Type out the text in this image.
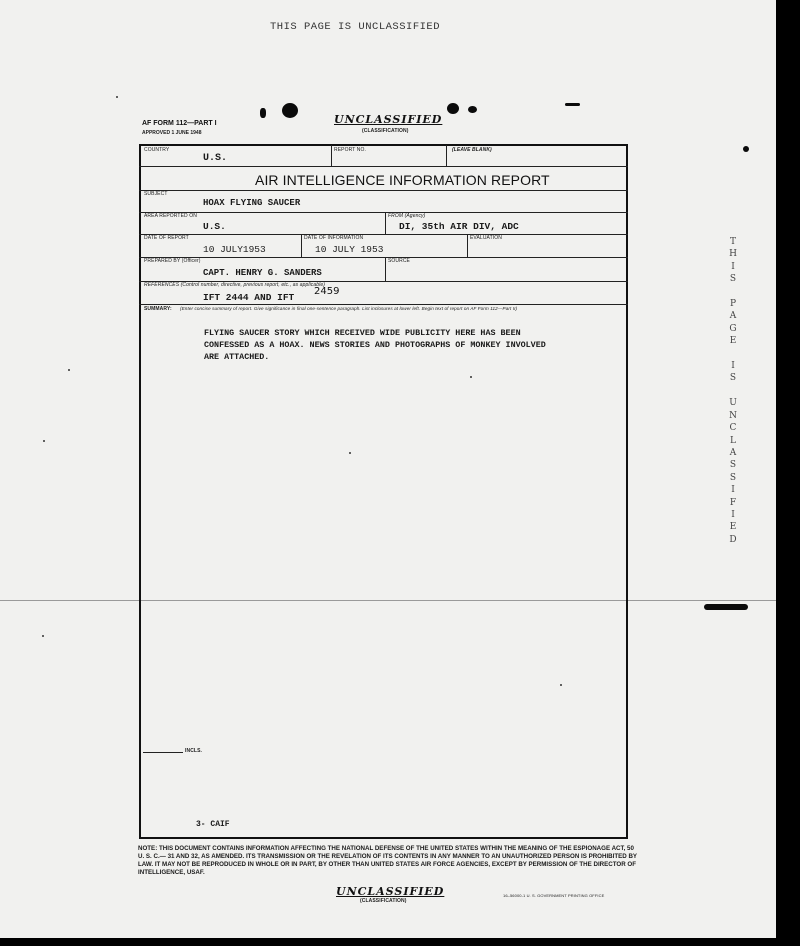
THIS PAGE IS UNCLASSIFIED
AF FORM 112—PART I
APPROVED 1 JUNE 1948
UNCLASSIFIED
(CLASSIFICATION)
COUNTRY
U.S.
REPORT NO.	(LEAVE BLANK)
AIR INTELLIGENCE INFORMATION REPORT
SUBJECT
HOAX FLYING SAUCER
AREA REPORTED ON
U.S.
FROM (Agency)
DI, 35th AIR DIV, ADC
DATE OF REPORT
10 JULY1953
DATE OF INFORMATION
10 JULY 1953
EVALUATION
PREPARED BY (Officer)	SOURCE
CAPT. HENRY G. SANDERS
REFERENCES (Control number, directive, previous report, etc., as applicable)
IFT 2444 AND IFT
2459
SUMMARY: (Enter concise summary of report. Give significance in final one-sentence paragraph. List inclosures at lower left. Begin text of report on AF Form 112—Part II)
FLYING SAUCER STORY WHICH RECEIVED WIDE PUBLICITY HERE HAS BEEN
CONFESSED AS A HOAX. NEWS STORIES AND PHOTOGRAPHS OF MONKEY INVOLVED
ARE ATTACHED.
INCLS.
3- CAIF
T
H
I
S

P
A
G
E

I
S

U
N
C
L
A
S
S
I
F
I
E
D
NOTE: THIS DOCUMENT CONTAINS INFORMATION AFFECTING THE NATIONAL DEFENSE OF THE UNITED STATES WITHIN THE MEANING OF THE ESPIONAGE ACT, 50 U. S. C.— 31 AND 32, AS AMENDED. ITS TRANSMISSION OR THE REVELATION OF ITS CONTENTS IN ANY MANNER TO AN UNAUTHORIZED PERSON IS PROHIBITED BY LAW. IT MAY NOT BE REPRODUCED IN WHOLE OR IN PART, BY OTHER THAN UNITED STATES AIR FORCE AGENCIES, EXCEPT BY PERMISSION OF THE DIRECTOR OF INTELLIGENCE, USAF.
UNCLASSIFIED
(CLASSIFICATION)
16–56000-1 U. S. GOVERNMENT PRINTING OFFICE
